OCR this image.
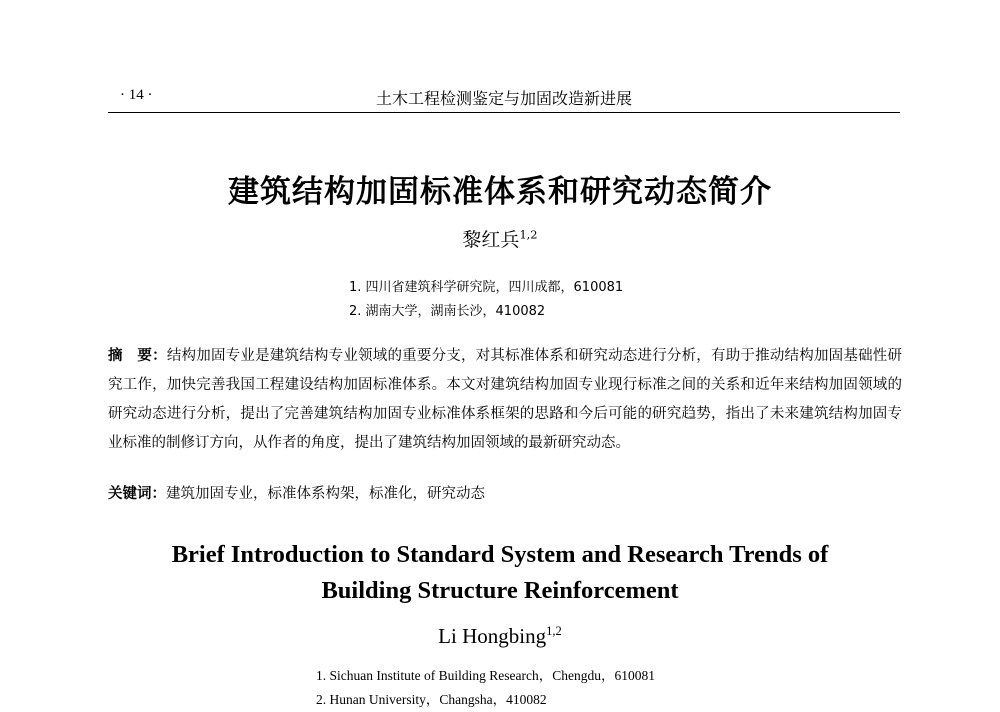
· 14 ·	土木工程检测鉴定与加固改造新进展
建筑结构加固标准体系和研究动态简介
黎红兵$^{1,2}$
1. 四川省建筑科学研究院，四川成都，610081
2. 湖南大学，湖南长沙，410082
摘　要：结构加固专业是建筑结构专业领域的重要分支，对其标准体系和研究动态进行分析，有助于推动结构加固基础性研究工作，加快完善我国工程建设结构加固标准体系。本文对建筑结构加固专业现行标准之间的关系和近年来结构加固领域的研究动态进行分析，提出了完善建筑结构加固专业标准体系框架的思路和今后可能的研究趋势，指出了未来建筑结构加固专业标准的制修订方向，从作者的角度，提出了建筑结构加固领域的最新研究动态。
关键词：建筑加固专业，标准体系构架，标准化，研究动态
Brief Introduction to Standard System and Research Trends of
Building Structure Reinforcement
Li Hongbing$^{1,2}$
1. Sichuan Institute of Building Research，Chengdu，610081
2. Hunan University，Changsha，410082
